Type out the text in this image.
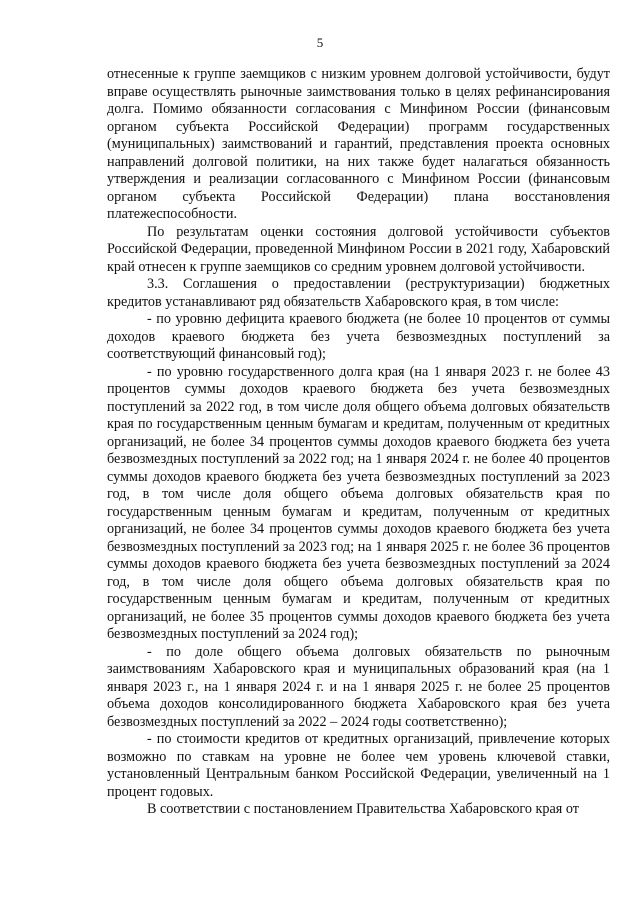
5

отнесенные к группе заемщиков с низким уровнем долговой устойчивости, будут вправе осуществлять рыночные заимствования только в целях рефинансирования долга. Помимо обязанности согласования с Минфином России (финансовым органом субъекта Российской Федерации) программ государственных (муниципальных) заимствований и гарантий, представления проекта основных направлений долговой политики, на них также будет налагаться обязанность утверждения и реализации согласованного с Минфином России (финансовым органом субъекта Российской Федерации) плана восстановления платежеспособности.

По результатам оценки состояния долговой устойчивости субъектов Российской Федерации, проведенной Минфином России в 2021 году, Хабаровский край отнесен к группе заемщиков со средним уровнем долговой устойчивости.

3.3. Соглашения о предоставлении (реструктуризации) бюджетных кредитов устанавливают ряд обязательств Хабаровского края, в том числе:

- по уровню дефицита краевого бюджета (не более 10 процентов от суммы доходов краевого бюджета без учета безвозмездных поступлений за соответствующий финансовый год);

- по уровню государственного долга края (на 1 января 2023 г. не более 43 процентов суммы доходов краевого бюджета без учета безвозмездных поступлений за 2022 год, в том числе доля общего объема долговых обязательств края по государственным ценным бумагам и кредитам, полученным от кредитных организаций, не более 34 процентов суммы доходов краевого бюджета без учета безвозмездных поступлений за 2022 год; на 1 января 2024 г. не более 40 процентов суммы доходов краевого бюджета без учета безвозмездных поступлений за 2023 год, в том числе доля общего объема долговых обязательств края по государственным ценным бумагам и кредитам, полученным от кредитных организаций, не более 34 процентов суммы доходов краевого бюджета без учета безвозмездных поступлений за 2023 год; на 1 января 2025 г. не более 36 процентов суммы доходов краевого бюджета без учета безвозмездных поступлений за 2024 год, в том числе доля общего объема долговых обязательств края по государственным ценным бумагам и кредитам, полученным от кредитных организаций, не более 35 процентов суммы доходов краевого бюджета без учета безвозмездных поступлений за 2024 год);

- по доле общего объема долговых обязательств по рыночным заимствованиям Хабаровского края и муниципальных образований края (на 1 января 2023 г., на 1 января 2024 г. и на 1 января 2025 г. не более 25 процентов объема доходов консолидированного бюджета Хабаровского края без учета безвозмездных поступлений за 2022 – 2024 годы соответственно);

- по стоимости кредитов от кредитных организаций, привлечение которых возможно по ставкам на уровне не более чем уровень ключевой ставки, установленный Центральным банком Российской Федерации, увеличенный на 1 процент годовых.

В соответствии с постановлением Правительства Хабаровского края от
